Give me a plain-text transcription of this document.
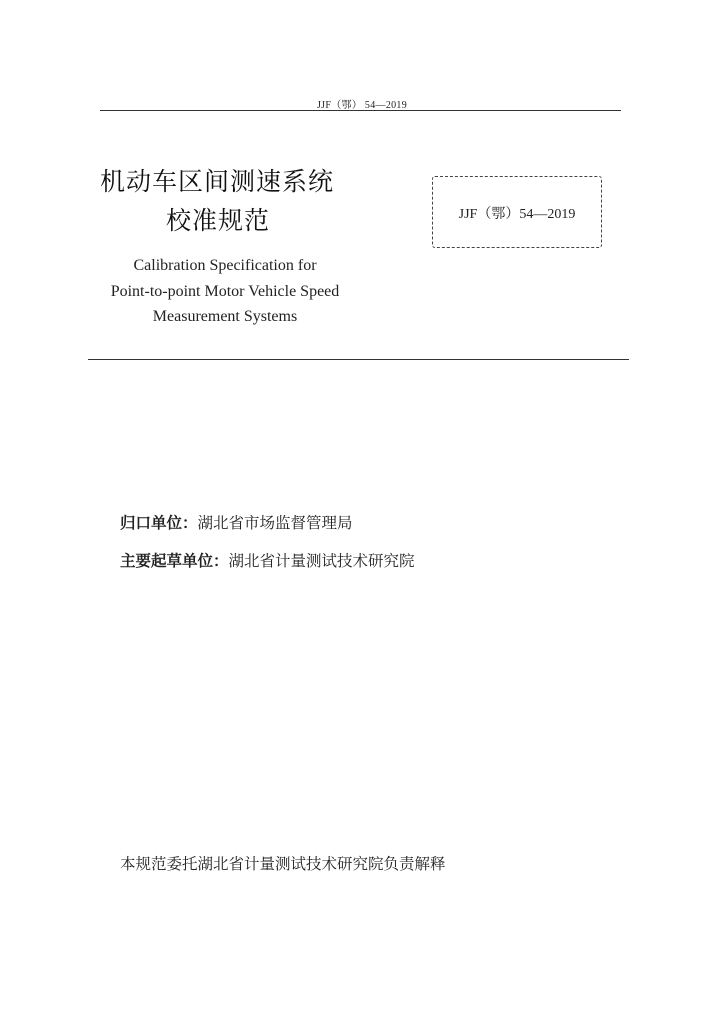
JJF（鄂） 54—2019
机动车区间测速系统
校准规范	JJF（鄂）54—2019
Calibration Specification for
Point-to-point Motor Vehicle Speed
Measurement Systems
归口单位：湖北省市场监督管理局
主要起草单位：湖北省计量测试技术研究院
本规范委托湖北省计量测试技术研究院负责解释
